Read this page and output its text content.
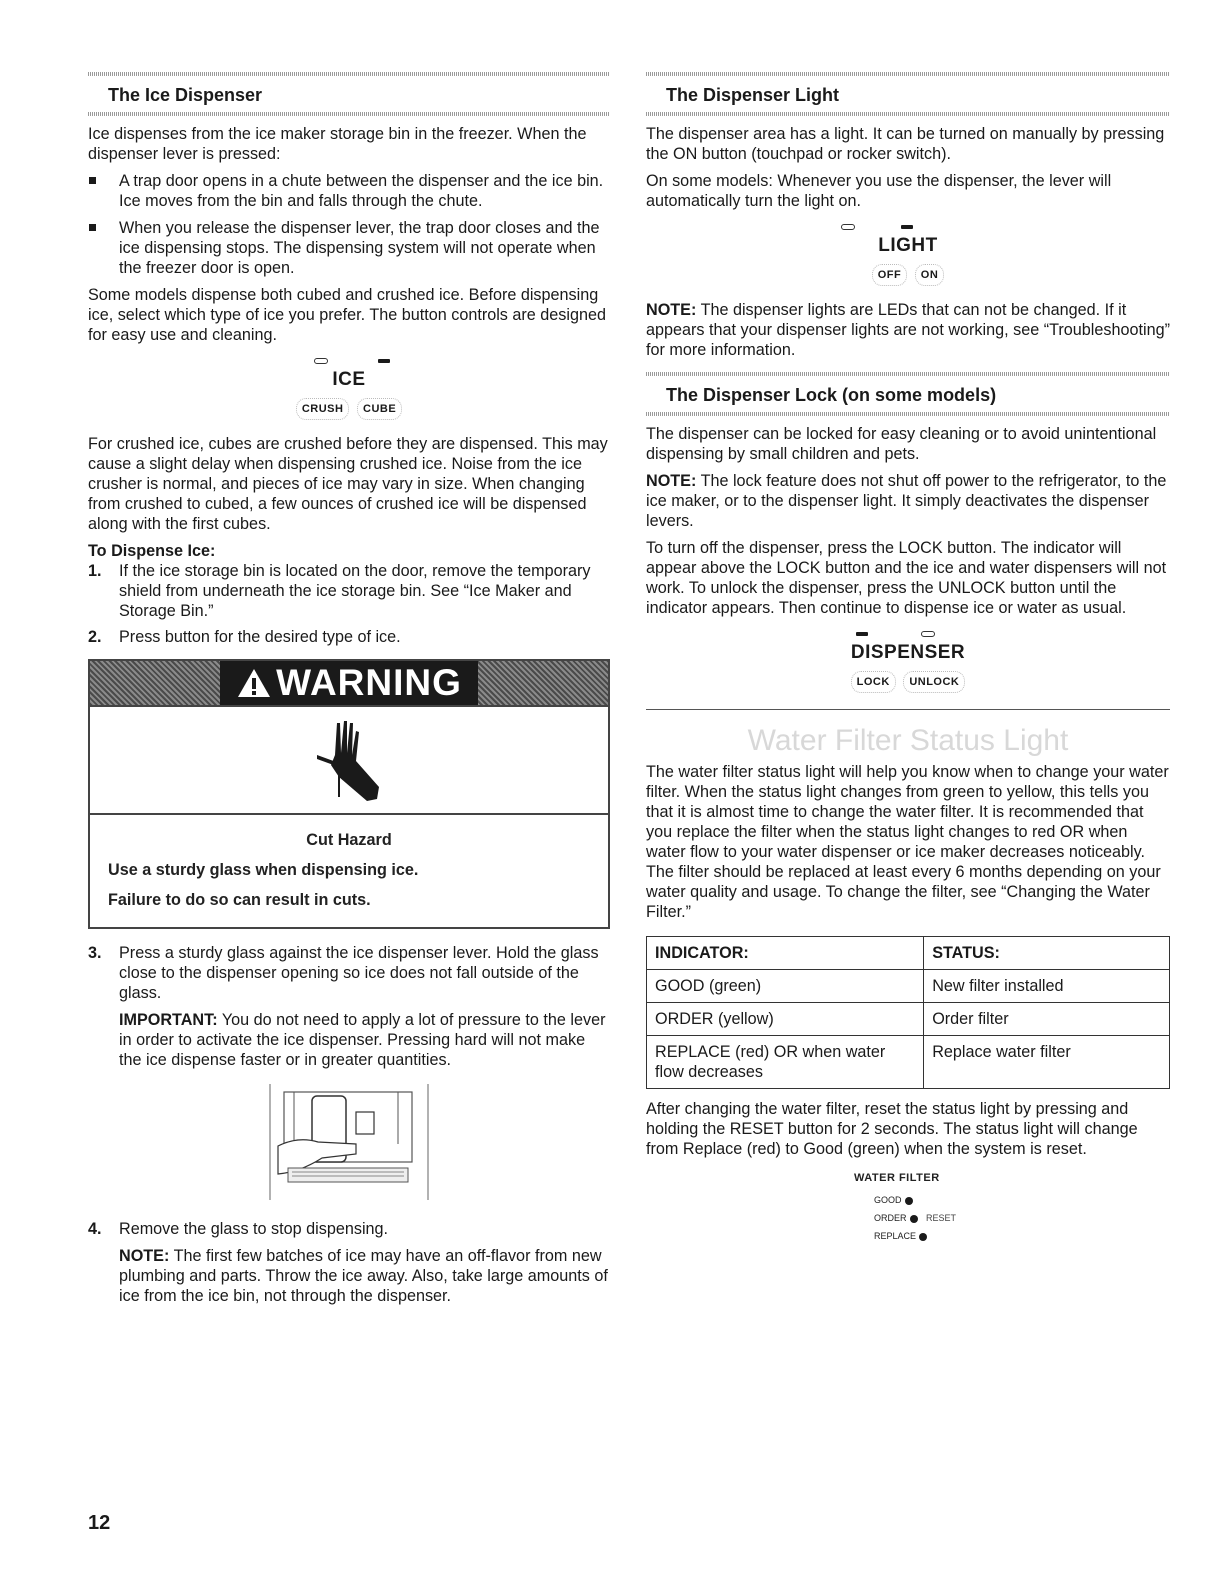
The Ice Dispenser

Ice dispenses from the ice maker storage bin in the freezer. When the dispenser lever is pressed:

A trap door opens in a chute between the dispenser and the ice bin. Ice moves from the bin and falls through the chute.

When you release the dispenser lever, the trap door closes and the ice dispensing stops. The dispensing system will not operate when the freezer door is open.

Some models dispense both cubed and crushed ice. Before dispensing ice, select which type of ice you prefer. The button controls are designed for easy use and cleaning.

ICE
CRUSH CUBE

For crushed ice, cubes are crushed before they are dispensed. This may cause a slight delay when dispensing crushed ice. Noise from the ice crusher is normal, and pieces of ice may vary in size. When changing from crushed to cubed, a few ounces of crushed ice will be dispensed along with the first cubes.

To Dispense Ice:
1. If the ice storage bin is located on the door, remove the temporary shield from underneath the ice storage bin. See “Ice Maker and Storage Bin.”

2. Press button for the desired type of ice.

WARNING
Cut Hazard
Use a sturdy glass when dispensing ice.
Failure to do so can result in cuts.
3. Press a sturdy glass against the ice dispenser lever. Hold the glass close to the dispenser opening so ice does not fall outside of the glass.

IMPORTANT: You do not need to apply a lot of pressure to the lever in order to activate the ice dispenser. Pressing hard will not make the ice dispense faster or in greater quantities.

4. Remove the glass to stop dispensing.

NOTE: The first few batches of ice may have an off-flavor from new plumbing and parts. Throw the ice away. Also, take large amounts of ice from the ice bin, not through the dispenser.

The Dispenser Light

The dispenser area has a light. It can be turned on manually by pressing the ON button (touchpad or rocker switch).

On some models: Whenever you use the dispenser, the lever will automatically turn the light on.

LIGHT
OFF ON

NOTE: The dispenser lights are LEDs that can not be changed. If it appears that your dispenser lights are not working, see “Troubleshooting” for more information.

The Dispenser Lock (on some models)

The dispenser can be locked for easy cleaning or to avoid unintentional dispensing by small children and pets.

NOTE: The lock feature does not shut off power to the refrigerator, to the ice maker, or to the dispenser light. It simply deactivates the dispenser levers.

To turn off the dispenser, press the LOCK button. The indicator will appear above the LOCK button and the ice and water dispensers will not work. To unlock the dispenser, press the UNLOCK button until the indicator appears. Then continue to dispense ice or water as usual.

DISPENSER
LOCK UNLOCK
Water Filter Status Light

The water filter status light will help you know when to change your water filter. When the status light changes from green to yellow, this tells you that it is almost time to change the water filter. It is recommended that you replace the filter when the status light changes to red OR when water flow to your water dispenser or ice maker decreases noticeably. The filter should be replaced at least every 6 months depending on your water quality and usage. To change the filter, see “Changing the Water Filter.”

INDICATOR:	STATUS:
GOOD (green)	New filter installed
ORDER (yellow)	Order filter
REPLACE (red) OR when water flow decreases	Replace water filter

After changing the water filter, reset the status light by pressing and holding the RESET button for 2 seconds. The status light will change from Replace (red) to Good (green) when the system is reset.

WATER FILTER
GOOD
ORDER RESET
REPLACE
12
